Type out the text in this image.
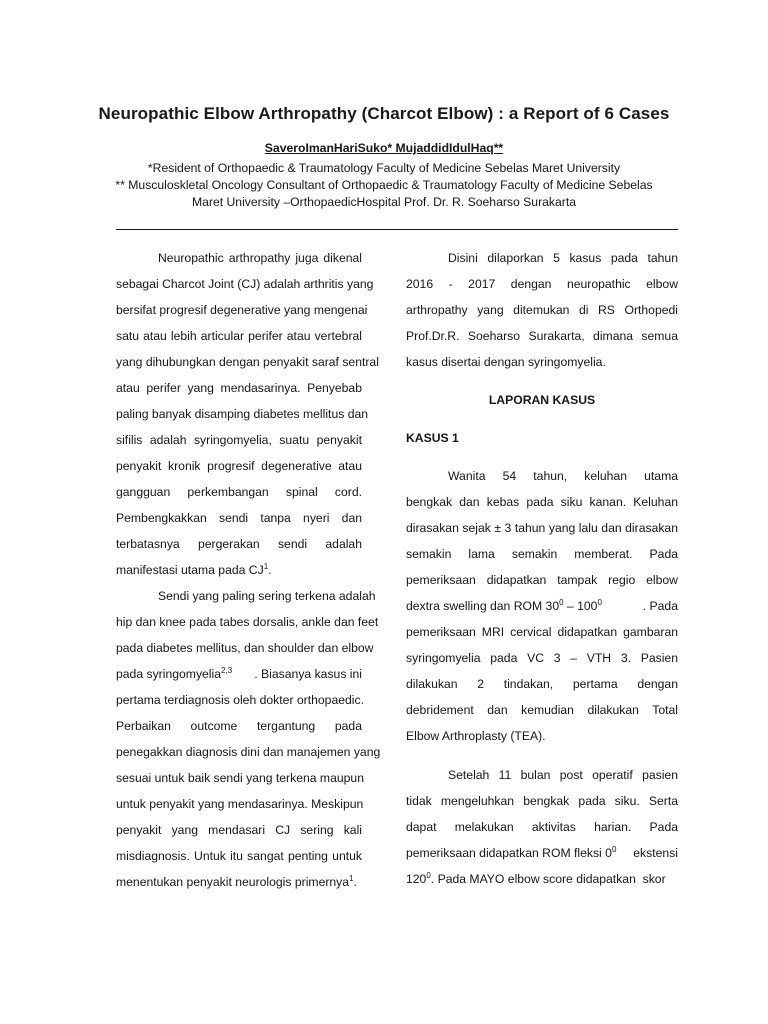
Neuropathic Elbow Arthropathy (Charcot Elbow) : a Report of 6 Cases
SaveroImanHariSuko* MujaddidIdulHaq**
*Resident of Orthopaedic & Traumatology Faculty of Medicine Sebelas Maret University
** Musculoskletal Oncology Consultant of Orthopaedic & Traumatology Faculty of Medicine Sebelas
Maret University –OrthopaedicHospital Prof. Dr. R. Soeharso Surakarta
Neuropathic arthropathy juga dikenal
sebagai Charcot Joint (CJ) adalah arthritis yang
bersifat progresif degenerative yang mengenai
satu atau lebih articular perifer atau vertebral
yang dihubungkan dengan penyakit saraf sentral
atau perifer yang mendasarinya. Penyebab
paling banyak disamping diabetes mellitus dan
sifilis adalah syringomyelia, suatu penyakit
penyakit kronik progresif degenerative atau
gangguan perkembangan spinal cord.
Pembengkakkan sendi tanpa nyeri dan
terbatasnya pergerakan sendi adalah
manifestasi utama pada $CJ^1$.
Sendi yang paling sering terkena adalah
hip dan knee pada tabes dorsalis, ankle dan feet
pada diabetes mellitus, dan shoulder dan elbow
pada syringomyelia$^{2,3}$ . Biasanya kasus ini
pertama terdiagnosis oleh dokter orthopaedic.
Perbaikan outcome tergantung pada
penegakkan diagnosis dini dan manajemen yang
sesuai untuk baik sendi yang terkena maupun
untuk penyakit yang mendasarinya. Meskipun
penyakit yang mendasari CJ sering kali
misdiagnosis. Untuk itu sangat penting untuk
menentukan penyakit neurologis primernya$^1$.
Disini dilaporkan 5 kasus pada tahun
2016 - 2017 dengan neuropathic elbow
arthropathy yang ditemukan di RS Orthopedi
Prof.Dr.R. Soeharso Surakarta, dimana semua
kasus disertai dengan syringomyelia.
LAPORAN KASUS
KASUS 1
Wanita 54 tahun, keluhan utama
bengkak dan kebas pada siku kanan. Keluhan
dirasakan sejak ± 3 tahun yang lalu dan dirasakan
semakin lama semakin memberat. Pada
pemeriksaan didapatkan tampak regio elbow
dextra swelling dan ROM $30^0 - 100^0$	. Pada
pemeriksaan MRI cervical didapatkan gambaran
syringomyelia pada VC 3 – VTH 3. Pasien
dilakukan 2 tindakan, pertama dengan
debridement dan kemudian dilakukan Total
Elbow Arthroplasty (TEA).
Setelah 11 bulan post operatif pasien
tidak mengeluhkan bengkak pada siku. Serta
dapat melakukan aktivitas harian. Pada
pemeriksaan didapatkan ROM fleksi $0^0$ ekstensi
$120^0$. Pada MAYO elbow score didapatkan  skor
